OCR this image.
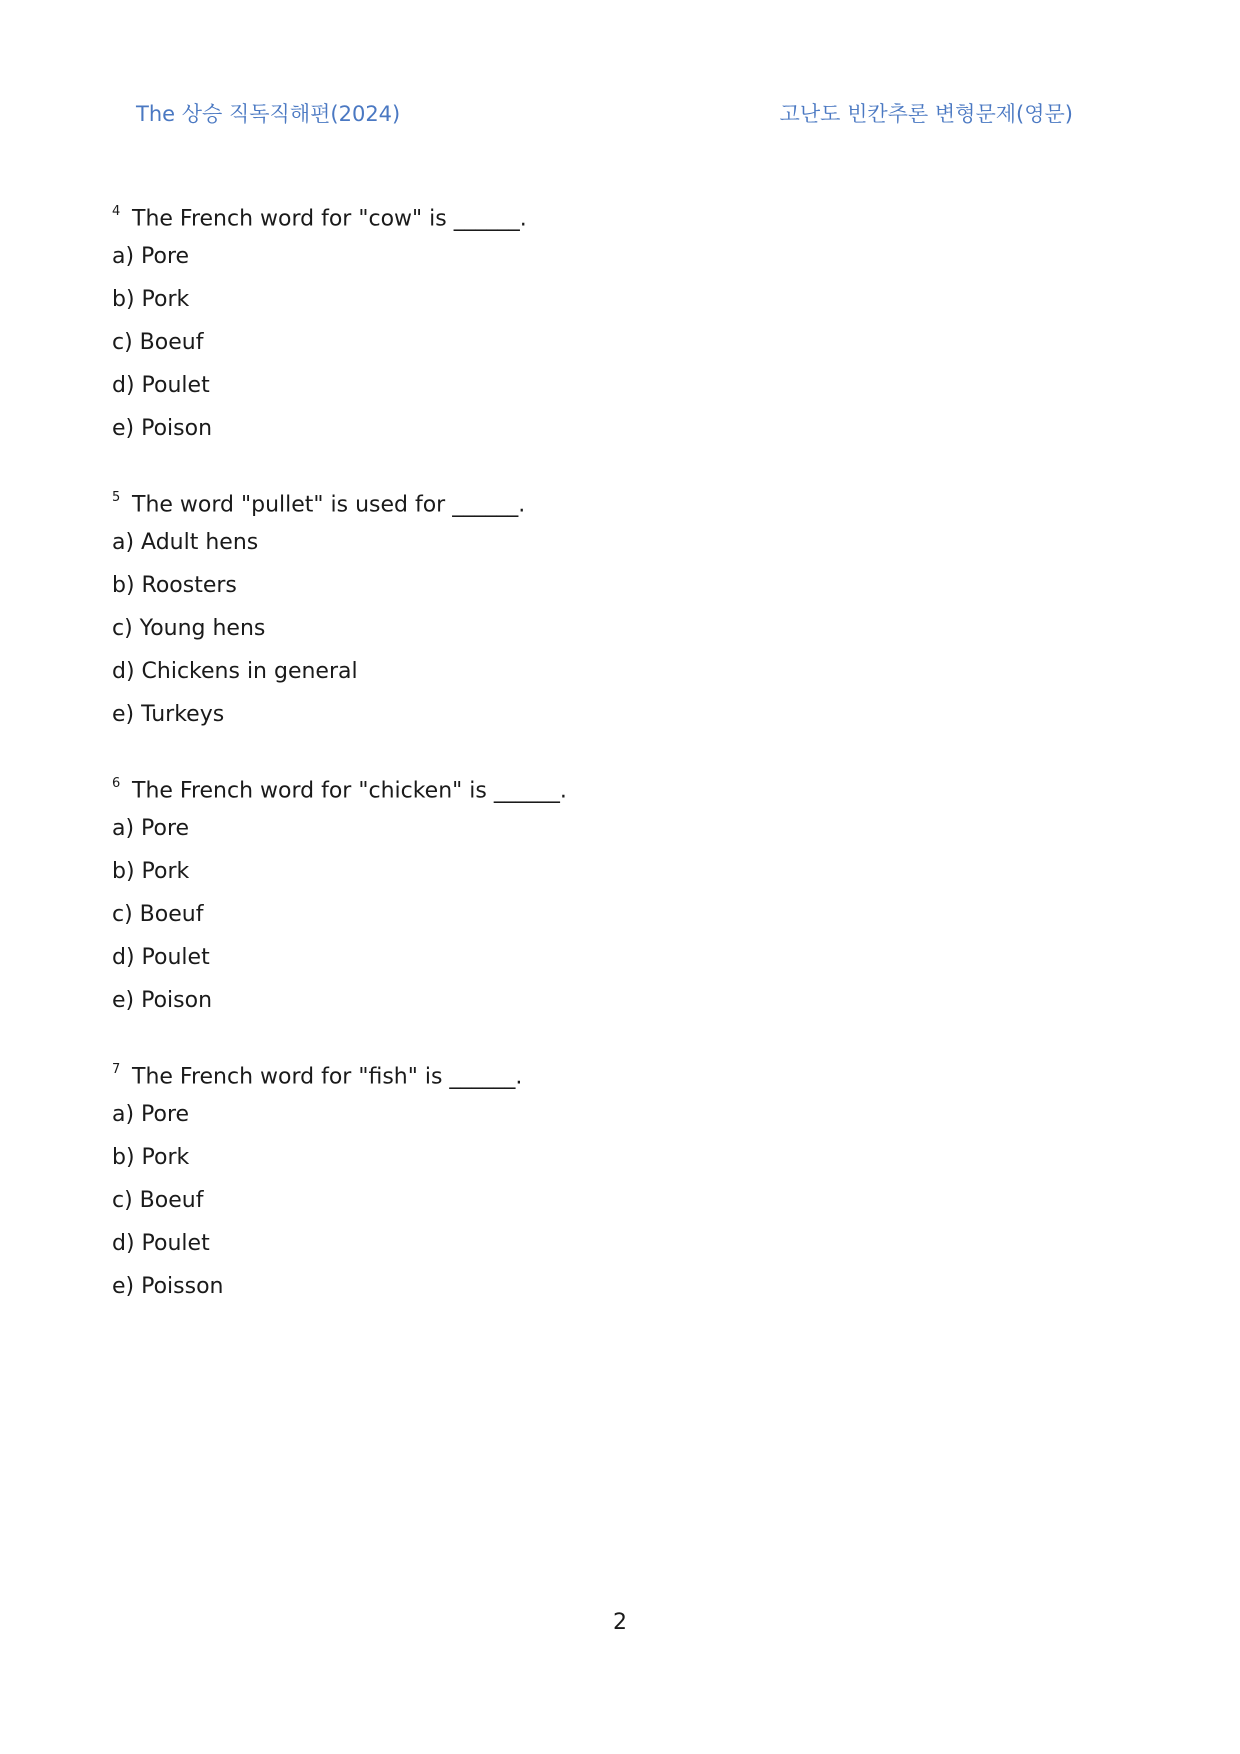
The 상승 직독직해편(2024)	고난도 빈칸추론 변형문제(영문)
4 The French word for "cow" is ______.
a) Pore
b) Pork
c) Boeuf
d) Poulet
e) Poison
5 The word "pullet" is used for ______.
a) Adult hens
b) Roosters
c) Young hens
d) Chickens in general
e) Turkeys
6 The French word for "chicken" is ______.
a) Pore
b) Pork
c) Boeuf
d) Poulet
e) Poison
7 The French word for "fish" is ______.
a) Pore
b) Pork
c) Boeuf
d) Poulet
e) Poisson
2
